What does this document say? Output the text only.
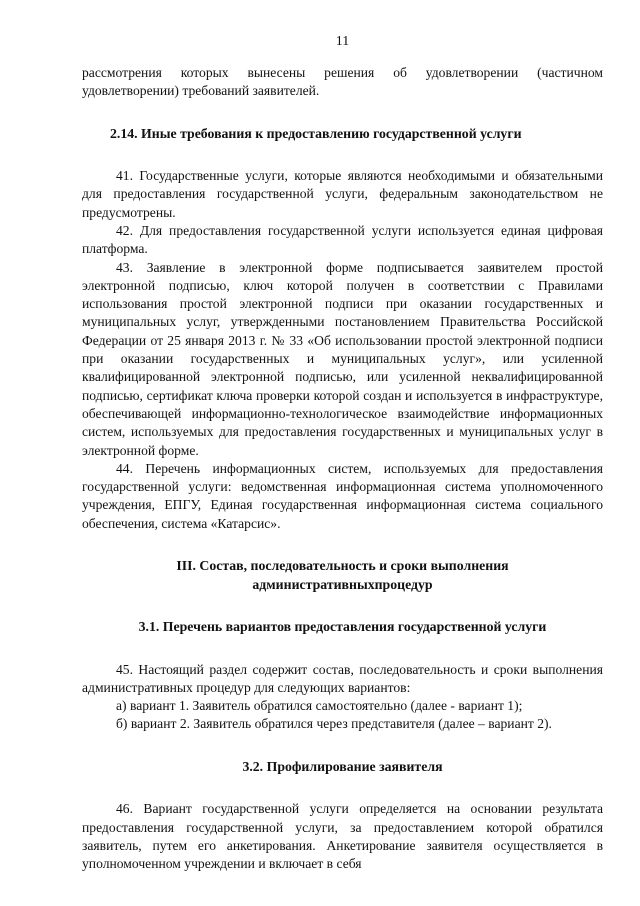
11

рассмотрения которых вынесены решения об удовлетворении (частичном удовлетворении) требований заявителей.

2.14. Иные требования к предоставлению государственной услуги

41. Государственные услуги, которые являются необходимыми и обязательными для предоставления государственной услуги, федеральным законодательством не предусмотрены.

42. Для предоставления государственной услуги используется единая цифровая платформа.

43. Заявление в электронной форме подписывается заявителем простой электронной подписью, ключ которой получен в соответствии с Правилами использования простой электронной подписи при оказании государственных и муниципальных услуг, утвержденными постановлением Правительства Российской Федерации от 25 января 2013 г. № 33 «Об использовании простой электронной подписи при оказании государственных и муниципальных услуг», или усиленной квалифицированной электронной подписью, или усиленной неквалифицированной подписью, сертификат ключа проверки которой создан и используется в инфраструктуре, обеспечивающей информационно-технологическое взаимодействие информационных систем, используемых для предоставления государственных и муниципальных услуг в электронной форме.

44. Перечень информационных систем, используемых для предоставления государственной услуги: ведомственная информационная система уполномоченного учреждения, ЕПГУ, Единая государственная информационная система социального обеспечения, система «Катарсис».

III. Состав, последовательность и сроки выполнения

административныхпроцедур

3.1. Перечень вариантов предоставления государственной услуги

45. Настоящий раздел содержит состав, последовательность и сроки выполнения административных процедур для следующих вариантов:

а) вариант 1. Заявитель обратился самостоятельно (далее - вариант 1);

б) вариант 2. Заявитель обратился через представителя (далее – вариант 2).

3.2. Профилирование заявителя

46. Вариант государственной услуги определяется на основании результата предоставления государственной услуги, за предоставлением которой обратился заявитель, путем его анкетирования. Анкетирование заявителя осуществляется в уполномоченном учреждении и включает в себя
